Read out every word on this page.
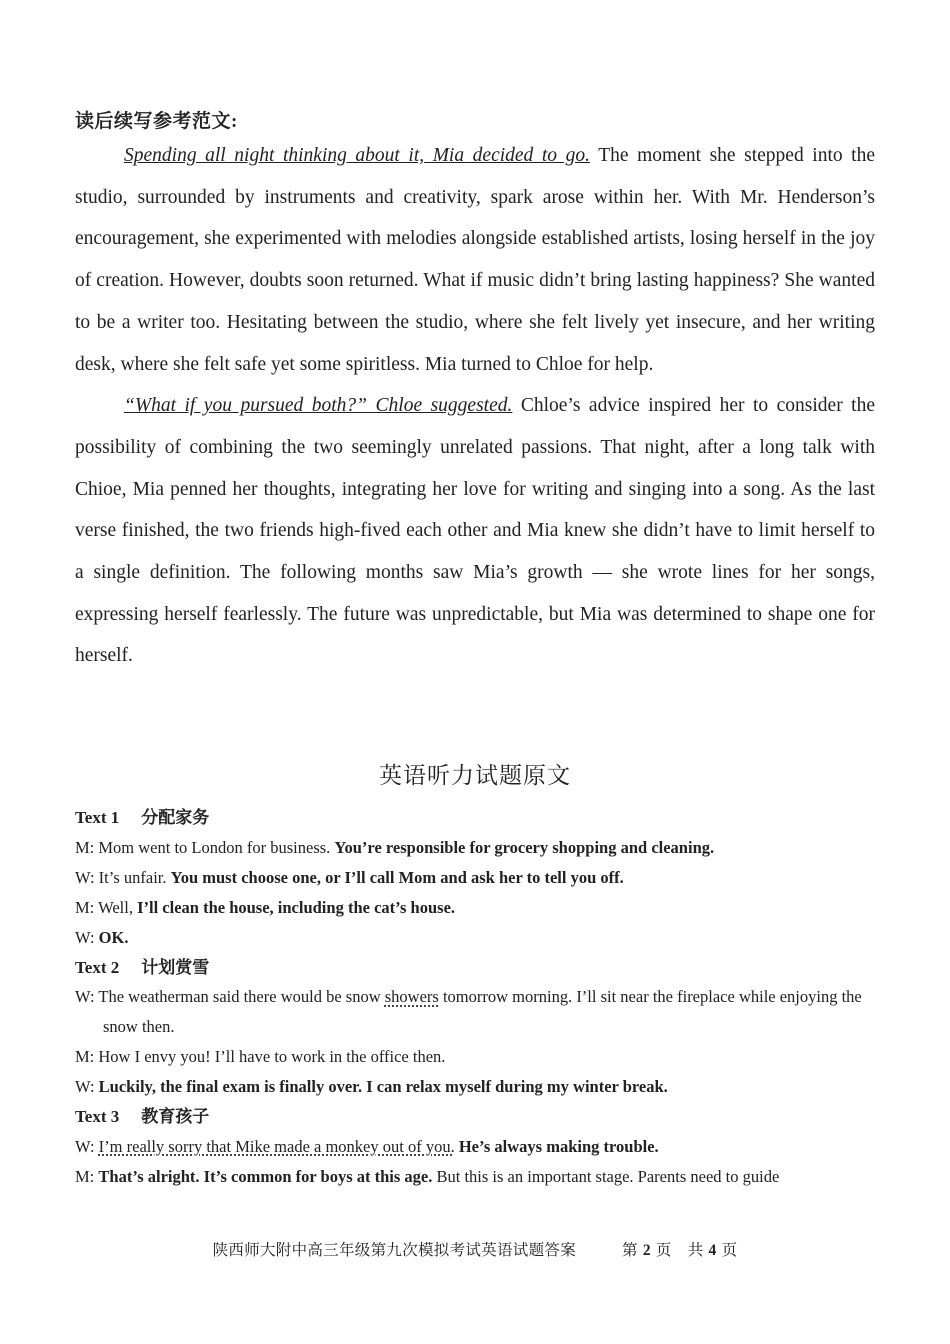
读后续写参考范文:

Spending all night thinking about it, Mia decided to go. The moment she stepped into the studio, surrounded by instruments and creativity, spark arose within her. With Mr. Henderson’s encouragement, she experimented with melodies alongside established artists, losing herself in the joy of creation. However, doubts soon returned. What if music didn’t bring lasting happiness? She wanted to be a writer too. Hesitating between the studio, where she felt lively yet insecure, and her writing desk, where she felt safe yet some spiritless. Mia turned to Chloe for help.

“What if you pursued both?” Chloe suggested. Chloe’s advice inspired her to consider the possibility of combining the two seemingly unrelated passions. That night, after a long talk with Chioe, Mia penned her thoughts, integrating her love for writing and singing into a song. As the last verse finished, the two friends high-fived each other and Mia knew she didn’t have to limit herself to a single definition. The following months saw Mia’s growth — she wrote lines for her songs, expressing herself fearlessly. The future was unpredictable, but Mia was determined to shape one for herself.

英语听力试题原文
Text 1 分配家务
M: Mom went to London for business. You’re responsible for grocery shopping and cleaning.
W: It’s unfair. You must choose one, or I’ll call Mom and ask her to tell you off.
M: Well, I’ll clean the house, including the cat’s house.
W: OK.
Text 2 计划赏雪
W: The weatherman said there would be snow showers tomorrow morning. I’ll sit near the fireplace while enjoying the snow then.
M: How I envy you! I’ll have to work in the office then.
W: Luckily, the final exam is finally over. I can relax myself during my winter break.
Text 3 教育孩子
W: I’m really sorry that Mike made a monkey out of you. He’s always making trouble.
M: That’s alright. It’s common for boys at this age. But this is an important stage. Parents need to guide
陕西师大附中高三年级第九次模拟考试英语试题答案	第 2 页 共 4 页
